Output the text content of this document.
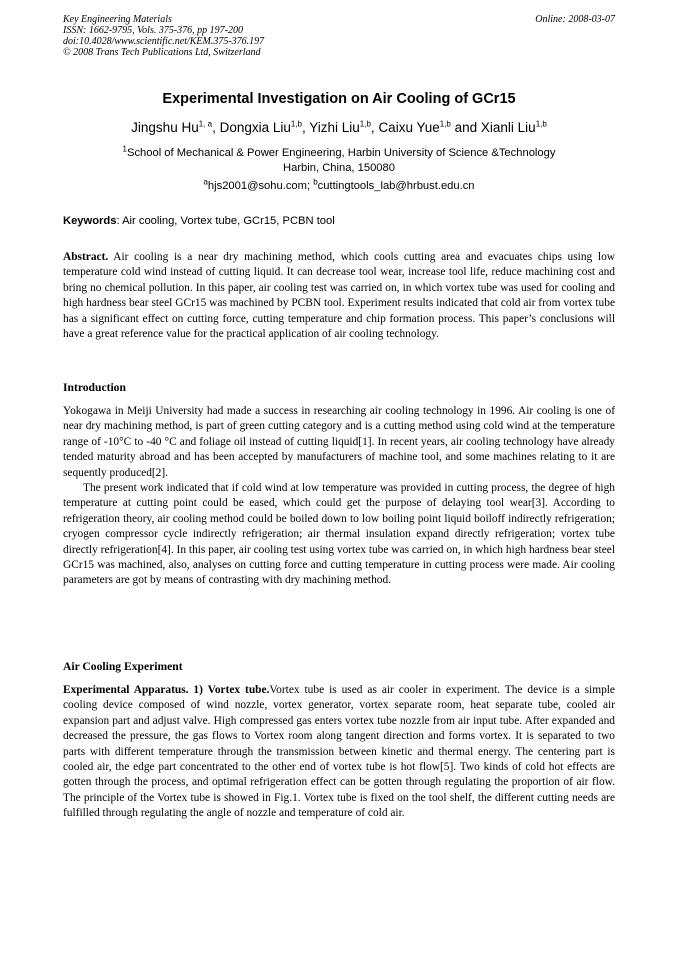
Key Engineering Materials
ISSN: 1662-9795, Vols. 375-376, pp 197-200
doi:10.4028/www.scientific.net/KEM.375-376.197
© 2008 Trans Tech Publications Ltd, Switzerland
Online: 2008-03-07
Experimental Investigation on Air Cooling of GCr15
Jingshu Hu$^{1, a}$, Dongxia Liu$^{1,b}$, Yizhi Liu$^{1,b}$, Caixu Yue$^{1,b}$ and Xianli Liu$^{1,b}$
$^1$School of Mechanical & Power Engineering, Harbin University of Science &Technology
Harbin, China, 150080
$^a$hjs2001@sohu.com; $^b$cuttingtools_lab@hrbust.edu.cn
Keywords: Air cooling, Vortex tube, GCr15, PCBN tool
Abstract. Air cooling is a near dry machining method, which cools cutting area and evacuates chips using low temperature cold wind instead of cutting liquid. It can decrease tool wear, increase tool life, reduce machining cost and bring no chemical pollution. In this paper, air cooling test was carried on, in which vortex tube was used for cooling and high hardness bear steel GCr15 was machined by PCBN tool. Experiment results indicated that cold air from vortex tube has a significant effect on cutting force, cutting temperature and chip formation process. This paper’s conclusions will have a great reference value for the practical application of air cooling technology.
Introduction
Yokogawa in Meiji University had made a success in researching air cooling technology in 1996. Air cooling is one of near dry machining method, is part of green cutting category and is a cutting method using cold wind at the temperature range of -10°C to -40 °C and foliage oil instead of cutting liquid[1]. In recent years, air cooling technology have already tended maturity abroad and has been accepted by manufacturers of machine tool, and some machines relating to it are sequently produced[2].
The present work indicated that if cold wind at low temperature was provided in cutting process, the degree of high temperature at cutting point could be eased, which could get the purpose of delaying tool wear[3]. According to refrigeration theory, air cooling method could be boiled down to low boiling point liquid boiloff indirectly refrigeration; cryogen compressor cycle indirectly refrigeration; air thermal insulation expand directly refrigeration; vortex tube directly refrigeration[4]. In this paper, air cooling test using vortex tube was carried on, in which high hardness bear steel GCr15 was machined, also, analyses on cutting force and cutting temperature in cutting process were made. Air cooling parameters are got by means of contrasting with dry machining method.
Air Cooling Experiment
Experimental Apparatus. 1) Vortex tube.Vortex tube is used as air cooler in experiment. The device is a simple cooling device composed of wind nozzle, vortex generator, vortex separate room, heat separate tube, cooled air expansion part and adjust valve. High compressed gas enters vortex tube nozzle from air input tube. After expanded and decreased the pressure, the gas flows to Vortex room along tangent direction and forms vortex. It is separated to two parts with different temperature through the transmission between kinetic and thermal energy. The centering part is cooled air, the edge part concentrated to the other end of vortex tube is hot flow[5]. Two kinds of cold hot effects are gotten through the process, and optimal refrigeration effect can be gotten through regulating the proportion of air flow. The principle of the Vortex tube is showed in Fig.1. Vortex tube is fixed on the tool shelf, the different cutting needs are fulfilled through regulating the angle of nozzle and temperature of cold air.
